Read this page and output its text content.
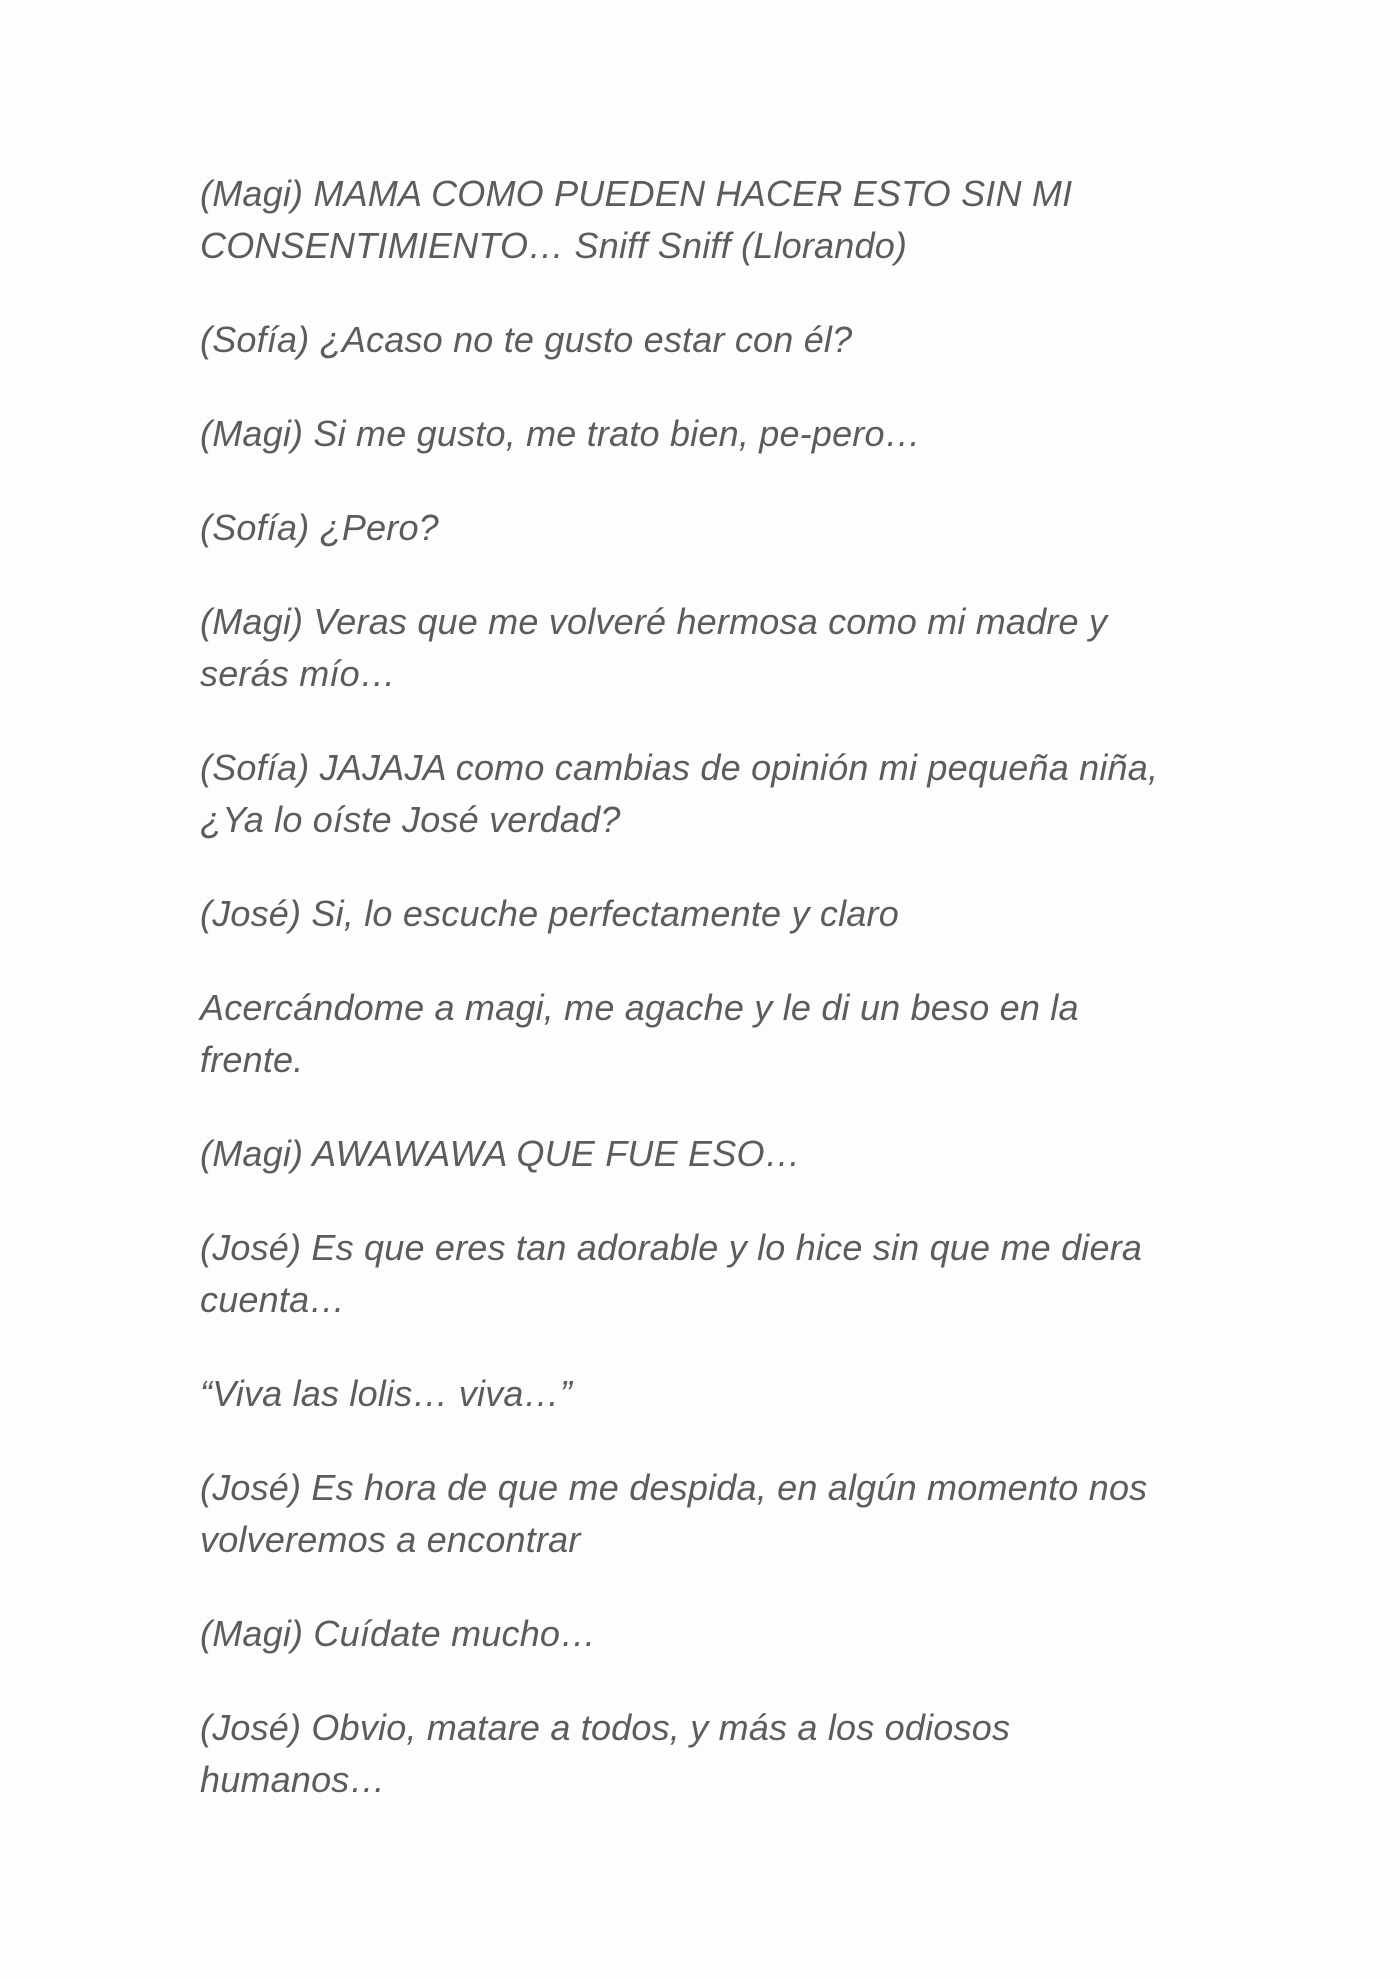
(Magi) MAMA COMO PUEDEN HACER ESTO SIN MI
CONSENTIMIENTO… Sniff Sniff (Llorando)

(Sofía) ¿Acaso no te gusto estar con él?

(Magi) Si me gusto, me trato bien, pe-pero…

(Sofía) ¿Pero?

(Magi) Veras que me volveré hermosa como mi madre y
serás mío…

(Sofía) JAJAJA como cambias de opinión mi pequeña niña,
¿Ya lo oíste José verdad?

(José) Si, lo escuche perfectamente y claro

Acercándome a magi, me agache y le di un beso en la
frente.

(Magi) AWAWAWA QUE FUE ESO…

(José) Es que eres tan adorable y lo hice sin que me diera
cuenta…

“Viva las lolis… viva…”

(José) Es hora de que me despida, en algún momento nos
volveremos a encontrar

(Magi) Cuídate mucho…

(José) Obvio, matare a todos, y más a los odiosos
humanos…
